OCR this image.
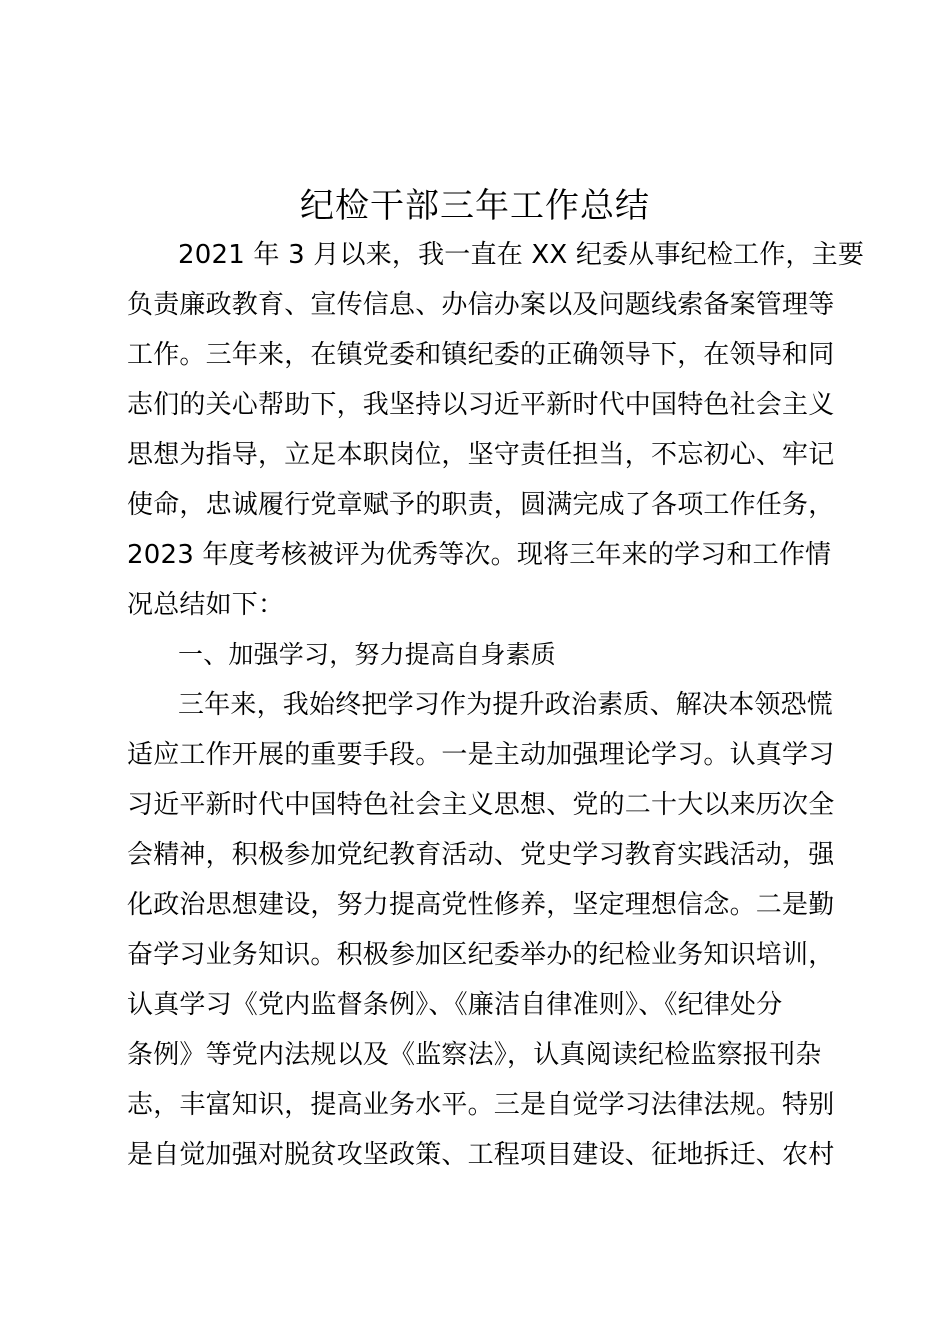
纪检干部三年工作总结
2021 年 3 月以来，我一直在 XX 纪委从事纪检工作，主要
负责廉政教育、宣传信息、办信办案以及问题线索备案管理等
工作。三年来，在镇党委和镇纪委的正确领导下，在领导和同
志们的关心帮助下，我坚持以习近平新时代中国特色社会主义
思想为指导，立足本职岗位，坚守责任担当，不忘初心、牢记
使命，忠诚履行党章赋予的职责，圆满完成了各项工作任务，
2023 年度考核被评为优秀等次。现将三年来的学习和工作情
况总结如下：
一、加强学习，努力提高自身素质
三年来，我始终把学习作为提升政治素质、解决本领恐慌
适应工作开展的重要手段。一是主动加强理论学习。认真学习
习近平新时代中国特色社会主义思想、党的二十大以来历次全
会精神，积极参加党纪教育活动、党史学习教育实践活动，强
化政治思想建设，努力提高党性修养，坚定理想信念。二是勤
奋学习业务知识。积极参加区纪委举办的纪检业务知识培训，
认真学习《党内监督条例》、《廉洁自律准则》、《纪律处分
条例》等党内法规以及《监察法》，认真阅读纪检监察报刊杂
志，丰富知识，提高业务水平。三是自觉学习法律法规。特别
是自觉加强对脱贫攻坚政策、工程项目建设、征地拆迁、农村
